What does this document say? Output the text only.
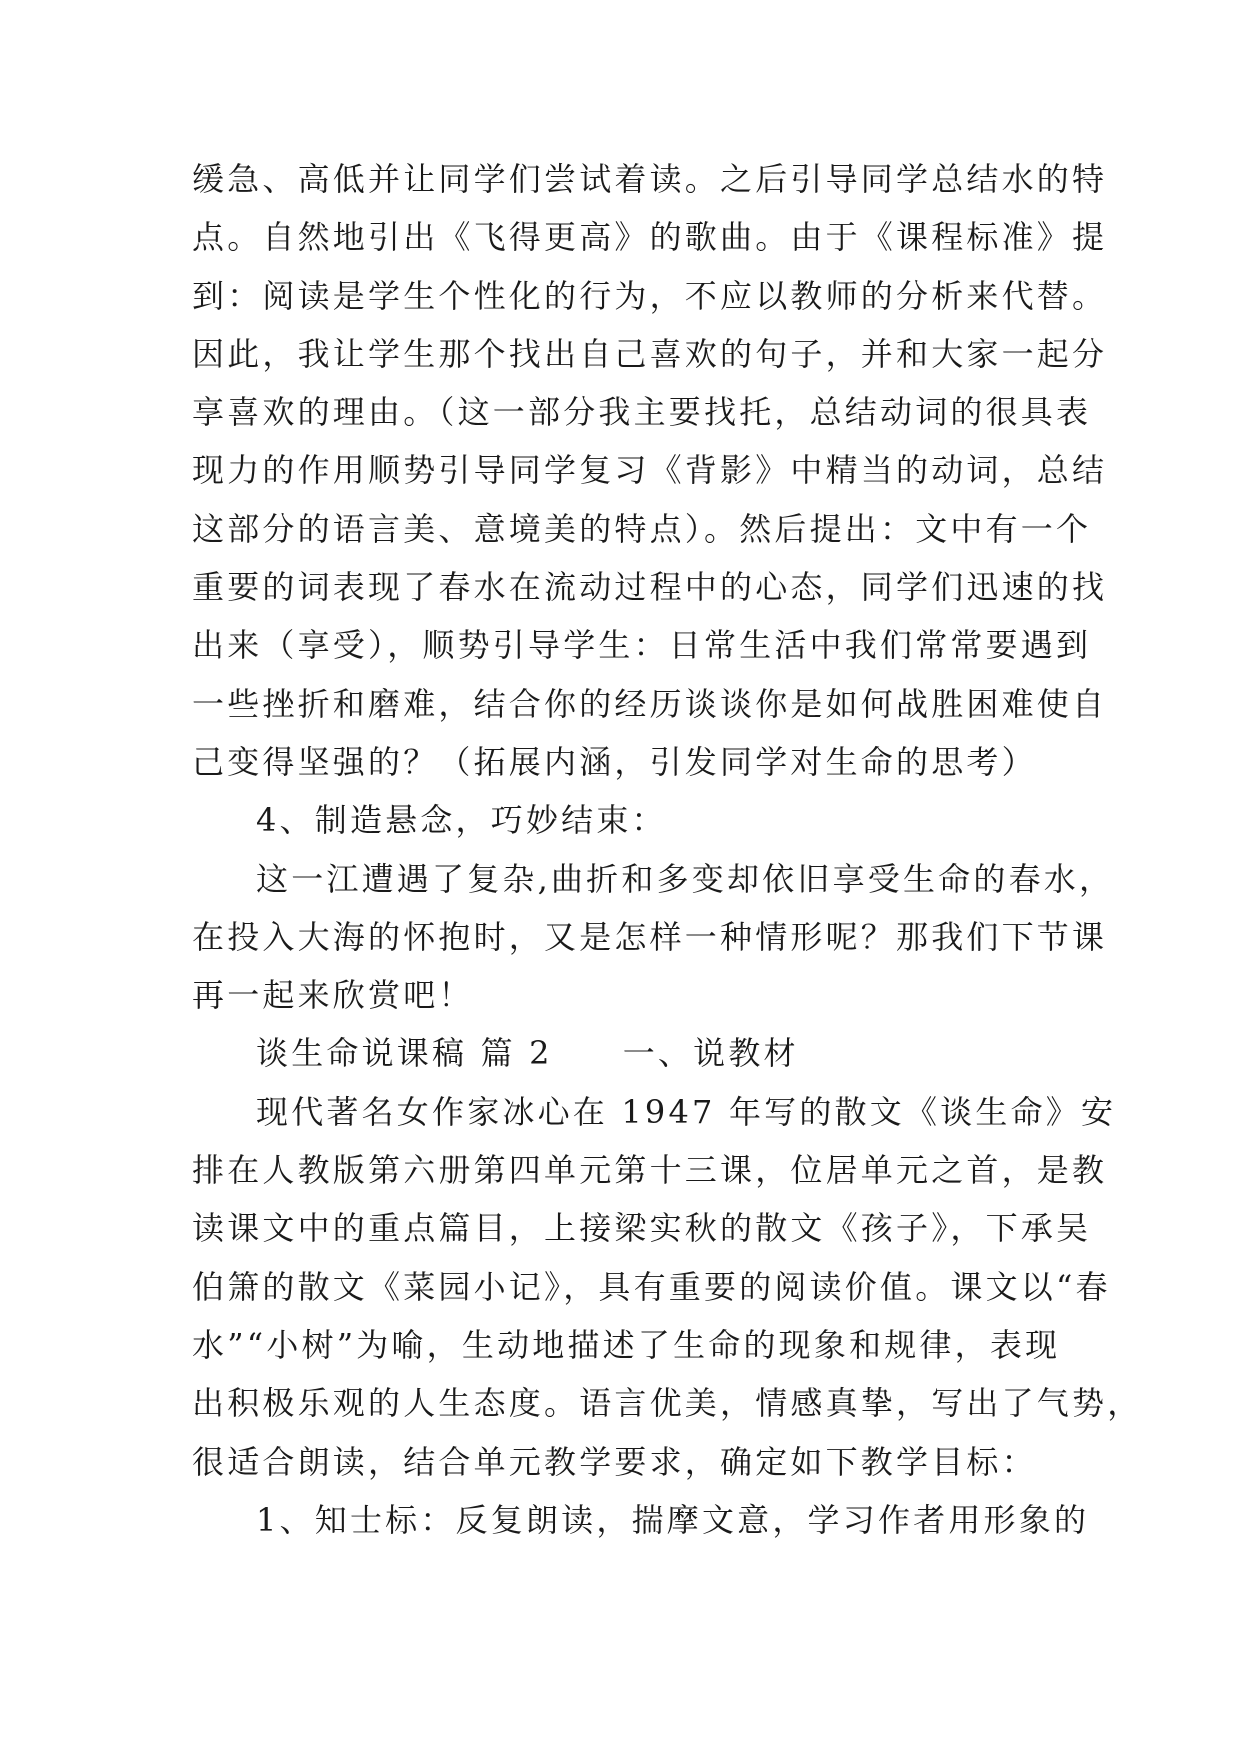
缓急、高低并让同学们尝试着读。之后引导同学总结水的特
点。自然地引出《飞得更高》的歌曲。由于《课程标准》提
到：阅读是学生个性化的行为，不应以教师的分析来代替。
因此，我让学生那个找出自己喜欢的句子，并和大家一起分
享喜欢的理由。（这一部分我主要找托，总结动词的很具表
现力的作用顺势引导同学复习《背影》中精当的动词，总结
这部分的语言美、意境美的特点）。然后提出：文中有一个
重要的词表现了春水在流动过程中的心态，同学们迅速的找
出来（享受），顺势引导学生：日常生活中我们常常要遇到
一些挫折和磨难，结合你的经历谈谈你是如何战胜困难使自
己变得坚强的？（拓展内涵，引发同学对生命的思考）
4、制造悬念，巧妙结束：
这一江遭遇了复杂,曲折和多变却依旧享受生命的春水，
在投入大海的怀抱时，又是怎样一种情形呢？那我们下节课
再一起来欣赏吧！
谈生命说课稿 篇 2 一、说教材
现代著名女作家冰心在 1947 年写的散文《谈生命》安
排在人教版第六册第四单元第十三课，位居单元之首，是教
读课文中的重点篇目，上接梁实秋的散文《孩子》，下承吴
伯箫的散文《菜园小记》，具有重要的阅读价值。课文以“春
水”“小树”为喻，生动地描述了生命的现象和规律，表现
出积极乐观的人生态度。语言优美，情感真挚，写出了气势，
很适合朗读，结合单元教学要求，确定如下教学目标：
1、知士标：反复朗读，揣摩文意，学习作者用形象的
